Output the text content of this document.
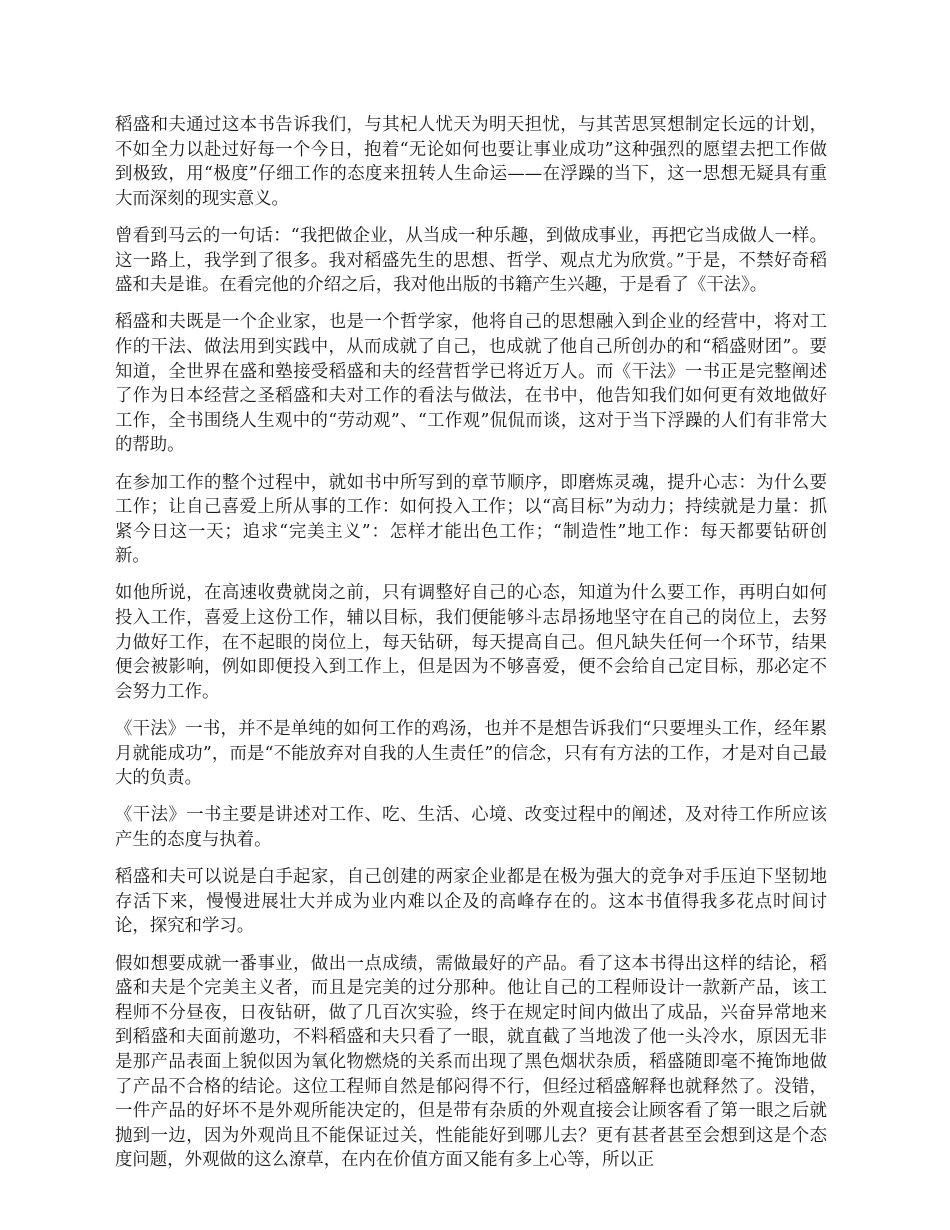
稻盛和夫通过这本书告诉我们，与其杞人忧天为明天担忧，与其苦思冥想制定长远的计划，不如全力以赴过好每一个今日，抱着“无论如何也要让事业成功”这种强烈的愿望去把工作做到极致，用“极度”仔细工作的态度来扭转人生命运——在浮躁的当下，这一思想无疑具有重大而深刻的现实意义。

曾看到马云的一句话：“我把做企业，从当成一种乐趣，到做成事业，再把它当成做人一样。这一路上，我学到了很多。我对稻盛先生的思想、哲学、观点尤为欣赏。”于是，不禁好奇稻盛和夫是谁。在看完他的介绍之后，我对他出版的书籍产生兴趣，于是看了《干法》。

稻盛和夫既是一个企业家，也是一个哲学家，他将自己的思想融入到企业的经营中，将对工作的干法、做法用到实践中，从而成就了自己，也成就了他自己所创办的和“稻盛财团”。要知道，全世界在盛和塾接受稻盛和夫的经营哲学已将近万人。而《干法》一书正是完整阐述了作为日本经营之圣稻盛和夫对工作的看法与做法，在书中，他告知我们如何更有效地做好工作，全书围绕人生观中的“劳动观”、“工作观”侃侃而谈，这对于当下浮躁的人们有非常大的帮助。

在参加工作的整个过程中，就如书中所写到的章节顺序，即磨炼灵魂，提升心志：为什么要工作；让自己喜爱上所从事的工作：如何投入工作；以“高目标”为动力；持续就是力量：抓紧今日这一天；追求“完美主义”：怎样才能出色工作；“制造性”地工作：每天都要钻研创新。

如他所说，在高速收费就岗之前，只有调整好自己的心态，知道为什么要工作，再明白如何投入工作，喜爱上这份工作，辅以目标，我们便能够斗志昂扬地坚守在自己的岗位上，去努力做好工作，在不起眼的岗位上，每天钻研，每天提高自己。但凡缺失任何一个环节，结果便会被影响，例如即便投入到工作上，但是因为不够喜爱，便不会给自己定目标，那必定不会努力工作。

《干法》一书，并不是单纯的如何工作的鸡汤，也并不是想告诉我们“只要埋头工作，经年累月就能成功”，而是“不能放弃对自我的人生责任”的信念，只有有方法的工作，才是对自己最大的负责。

《干法》一书主要是讲述对工作、吃、生活、心境、改变过程中的阐述，及对待工作所应该产生的态度与执着。

稻盛和夫可以说是白手起家，自己创建的两家企业都是在极为强大的竞争对手压迫下坚韧地存活下来，慢慢进展壮大并成为业内难以企及的高峰存在的。这本书值得我多花点时间讨论，探究和学习。

假如想要成就一番事业，做出一点成绩，需做最好的产品。看了这本书得出这样的结论，稻盛和夫是个完美主义者，而且是完美的过分那种。他让自己的工程师设计一款新产品，该工程师不分昼夜，日夜钻研，做了几百次实验，终于在规定时间内做出了成品，兴奋异常地来到稻盛和夫面前邀功，不料稻盛和夫只看了一眼，就直截了当地泼了他一头冷水，原因无非是那产品表面上貌似因为氧化物燃烧的关系而出现了黑色烟状杂质，稻盛随即毫不掩饰地做了产品不合格的结论。这位工程师自然是郁闷得不行，但经过稻盛解释也就释然了。没错，一件产品的好坏不是外观所能决定的，但是带有杂质的外观直接会让顾客看了第一眼之后就抛到一边，因为外观尚且不能保证过关，性能能好到哪儿去？更有甚者甚至会想到这是个态度问题，外观做的这么潦草，在内在价值方面又能有多上心等，所以正
